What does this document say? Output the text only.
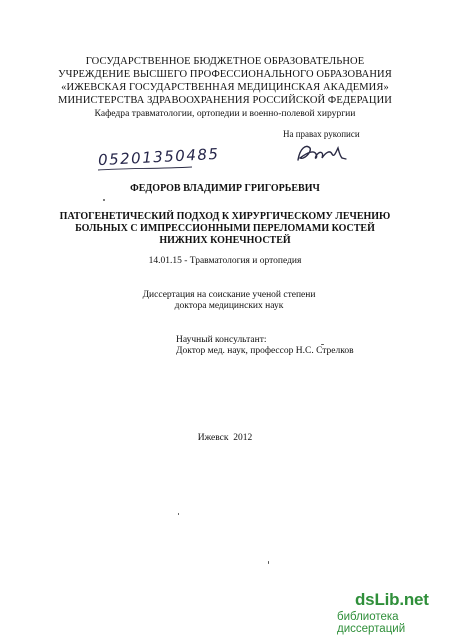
ГОСУДАРСТВЕННОЕ БЮДЖЕТНОЕ ОБРАЗОВАТЕЛЬНОЕ
УЧРЕЖДЕНИЕ ВЫСШЕГО ПРОФЕССИОНАЛЬНОГО ОБРАЗОВАНИЯ
«ИЖЕВСКАЯ ГОСУДАРСТВЕННАЯ МЕДИЦИНСКАЯ АКАДЕМИЯ»
МИНИСТЕРСТВА ЗДРАВООХРАНЕНИЯ РОССИЙСКОЙ ФЕДЕРАЦИИ
Кафедра травматологии, ортопедии и военно-полевой хирургии
На правах рукописи
05201350485
ФЕДОРОВ ВЛАДИМИР ГРИГОРЬЕВИЧ
ПАТОГЕНЕТИЧЕСКИЙ ПОДХОД К ХИРУРГИЧЕСКОМУ ЛЕЧЕНИЮ
БОЛЬНЫХ С ИМПРЕССИОННЫМИ ПЕРЕЛОМАМИ КОСТЕЙ
НИЖНИХ КОНЕЧНОСТЕЙ
14.01.15 - Травматология и ортопедия
Диссертация на соискание ученой степени
доктора медицинских наук
Научный консультант:
Доктор мед. наук, профессор Н.С. Стрелков
Ижевск  2012
dsLib.net
библиотека диссертаций
